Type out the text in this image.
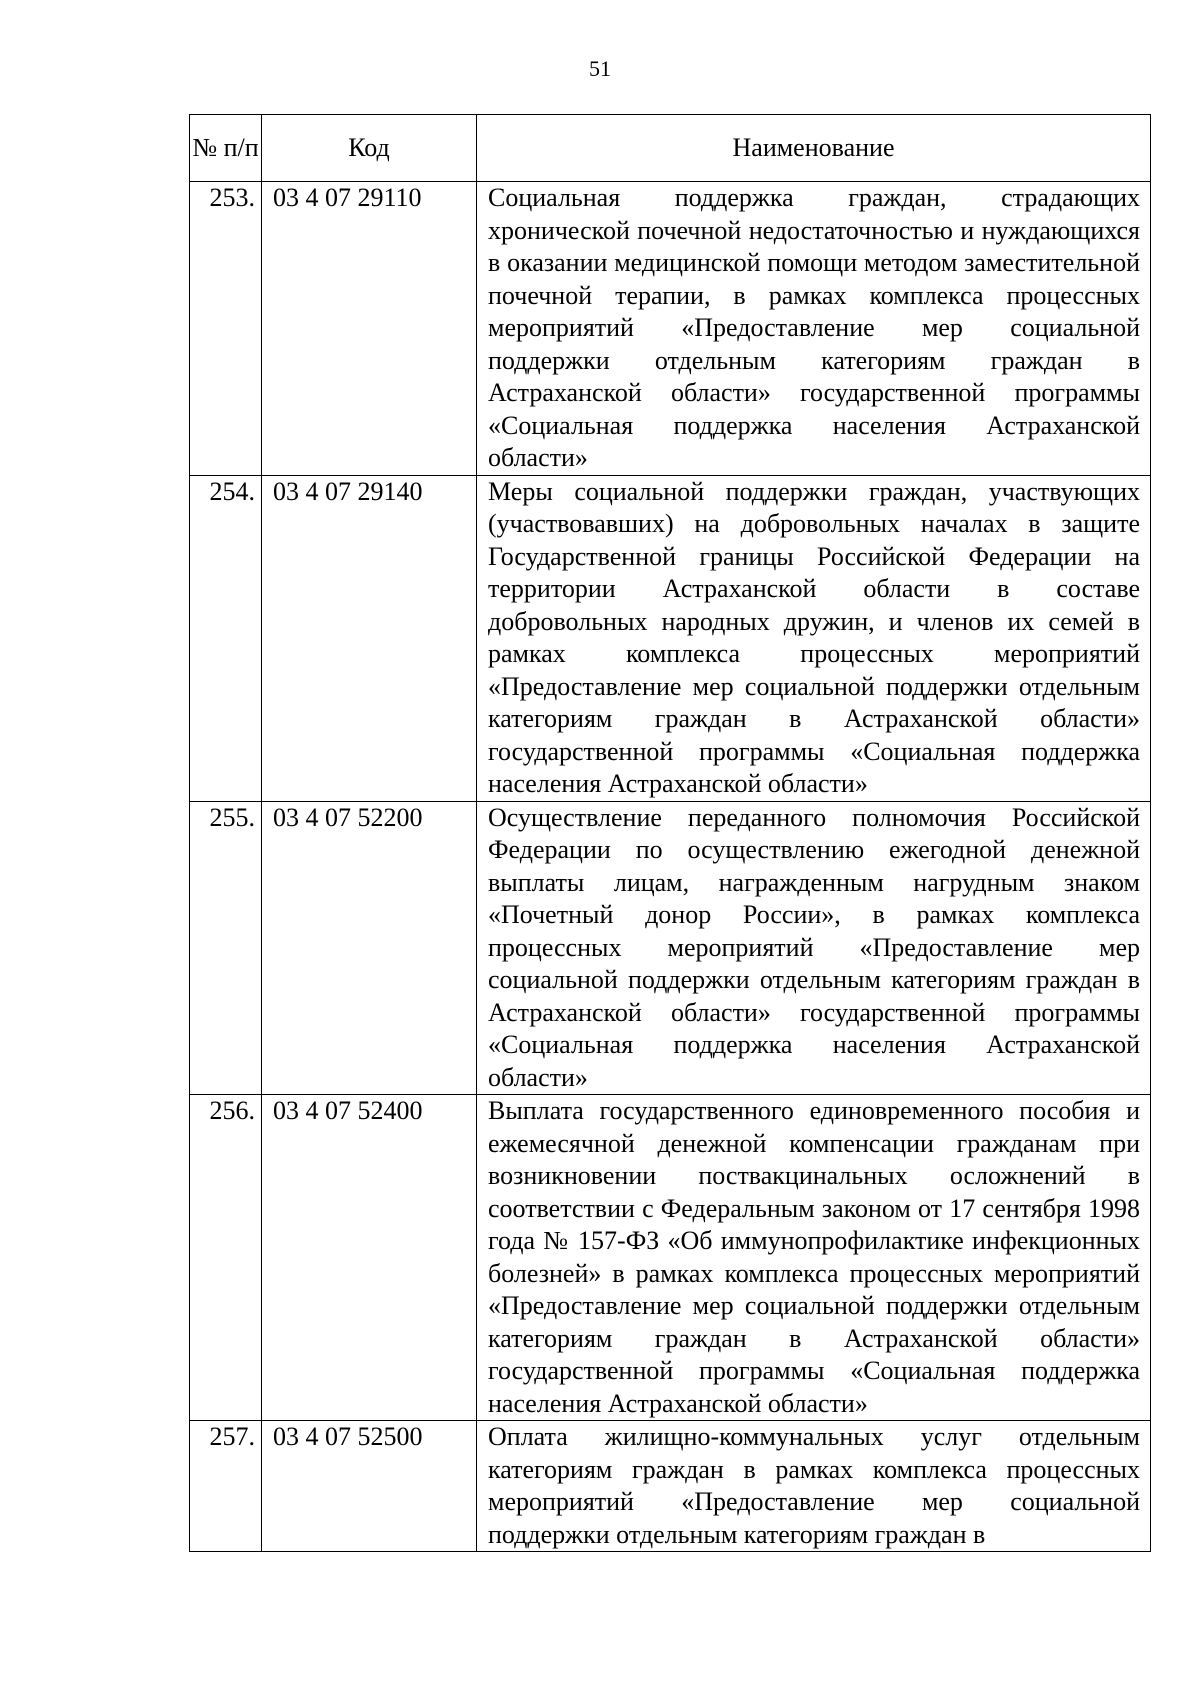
51
№ п/п	Код	Наименование
253.	03 4 07 29110	Социальная поддержка граждан, страдающих хронической почечной недостаточностью и нуждающихся в оказании медицинской помощи методом заместительной почечной терапии, в рамках комплекса процессных мероприятий «Предоставление мер социальной поддержки отдельным категориям граждан в Астраханской области» государственной программы «Социальная поддержка населения Астраханской области»
254.	03 4 07 29140	Меры социальной поддержки граждан, участвующих (участвовавших) на добровольных началах в защите Государственной границы Российской Федерации на территории Астраханской области в составе добровольных народных дружин, и членов их семей в рамках комплекса процессных мероприятий «Предоставление мер социальной поддержки отдельным категориям граждан в Астраханской области» государственной программы «Социальная поддержка населения Астраханской области»
255.	03 4 07 52200	Осуществление переданного полномочия Российской Федерации по осуществлению ежегодной денежной выплаты лицам, награжденным нагрудным знаком «Почетный донор России», в рамках комплекса процессных мероприятий «Предоставление мер социальной поддержки отдельным категориям граждан в Астраханской области» государственной программы «Социальная поддержка населения Астраханской области»
256.	03 4 07 52400	Выплата государственного единовременного пособия и ежемесячной денежной компенсации гражданам при возникновении поствакцинальных осложнений в соответствии с Федеральным законом от 17 сентября 1998 года № 157-ФЗ «Об иммунопрофилактике инфекционных болезней» в рамках комплекса процессных мероприятий «Предоставление мер социальной поддержки отдельным категориям граждан в Астраханской области» государственной программы «Социальная поддержка населения Астраханской области»
257.	03 4 07 52500	Оплата жилищно-коммунальных услуг отдельным категориям граждан в рамках комплекса процессных мероприятий «Предоставление мер социальной поддержки отдельным категориям граждан в
